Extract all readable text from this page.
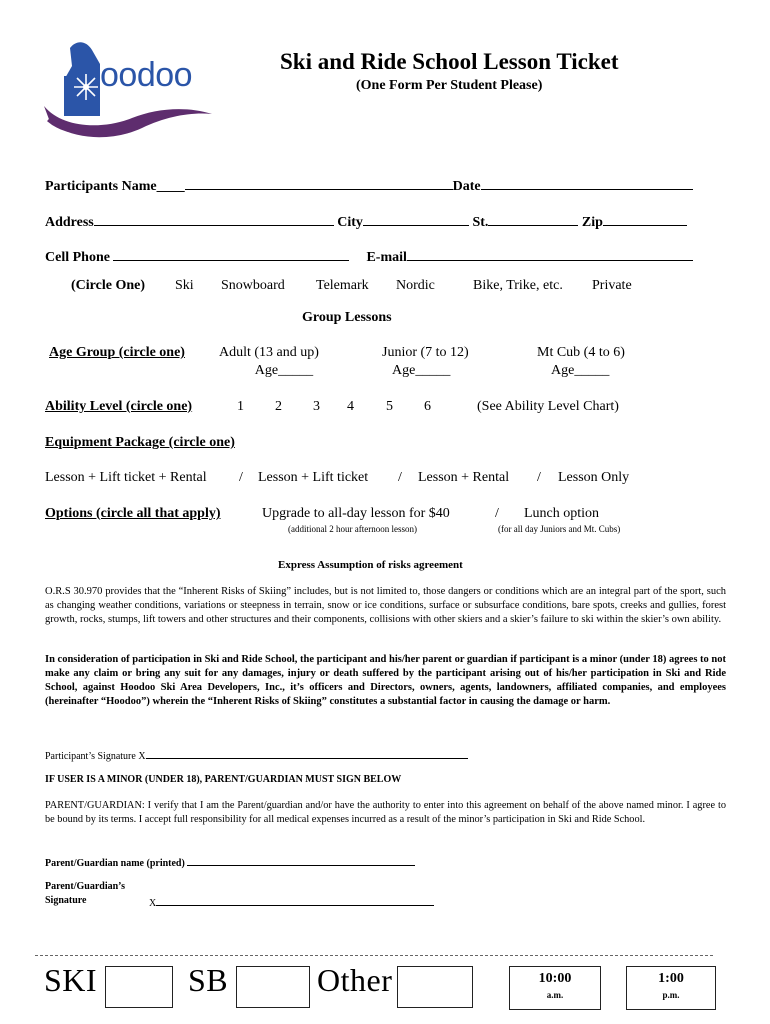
oodoo	Ski and Ride School Lesson Ticket
(One Form Per Student Please)
Participants Name____	Date
Address	City	St.	Zip
Cell Phone	E-mail
(Circle One) Ski Snowboard Telemark Nordic	Bike, Trike, etc. Private
Group Lessons
Age Group (circle one) Adult (13 and up)
Age_____
Junior (7 to 12)
Age_____
Mt Cub (4 to 6)
Age_____
Ability Level (circle one)	1 2 3 4 5 6	(See Ability Level Chart)
Equipment Package (circle one)
Lesson + Lift ticket + Rental / Lesson + Lift ticket / Lesson + Rental / Lesson Only
Options (circle all that apply)	Upgrade to all-day lesson for $40	/ Lunch option
(additional 2 hour afternoon lesson)	(for all day Juniors and Mt. Cubs)
Express Assumption of risks agreement
O.R.S 30.970 provides that the “Inherent Risks of Skiing” includes, but is not limited to, those dangers or conditions which are an integral part of the sport, such as changing weather conditions, variations or steepness in terrain, snow or ice conditions, surface or subsurface conditions, bare spots, creeks and gullies, forest growth, rocks, stumps, lift towers and other structures and their components, collisions with other skiers and a skier’s failure to ski within the skier’s own ability.
In consideration of participation in Ski and Ride School, the participant and his/her parent or guardian if participant is a minor (under 18) agrees to not make any claim or bring any suit for any damages, injury or death suffered by the participant arising out of his/her participation in Ski and Ride School, against Hoodoo Ski Area Developers, Inc., it’s officers and Directors, owners, agents, landowners, affiliated companies, and employees (hereinafter “Hoodoo”) wherein the “Inherent Risks of Skiing” constitutes a substantial factor in causing the damage or harm.
Participant’s Signature X
IF USER IS A MINOR (UNDER 18), PARENT/GUARDIAN MUST SIGN BELOW
PARENT/GUARDIAN: I verify that I am the Parent/guardian and/or have the authority to enter into this agreement on behalf of the above named minor. I agree to be bound by its terms. I accept full responsibility for all medical expenses incurred as a result of the minor’s participation in Ski and Ride School.
Parent/Guardian name (printed)
Parent/Guardian’s
Signature	X
SKI	SB	Other	10:00
a.m.
1:00
p.m.
